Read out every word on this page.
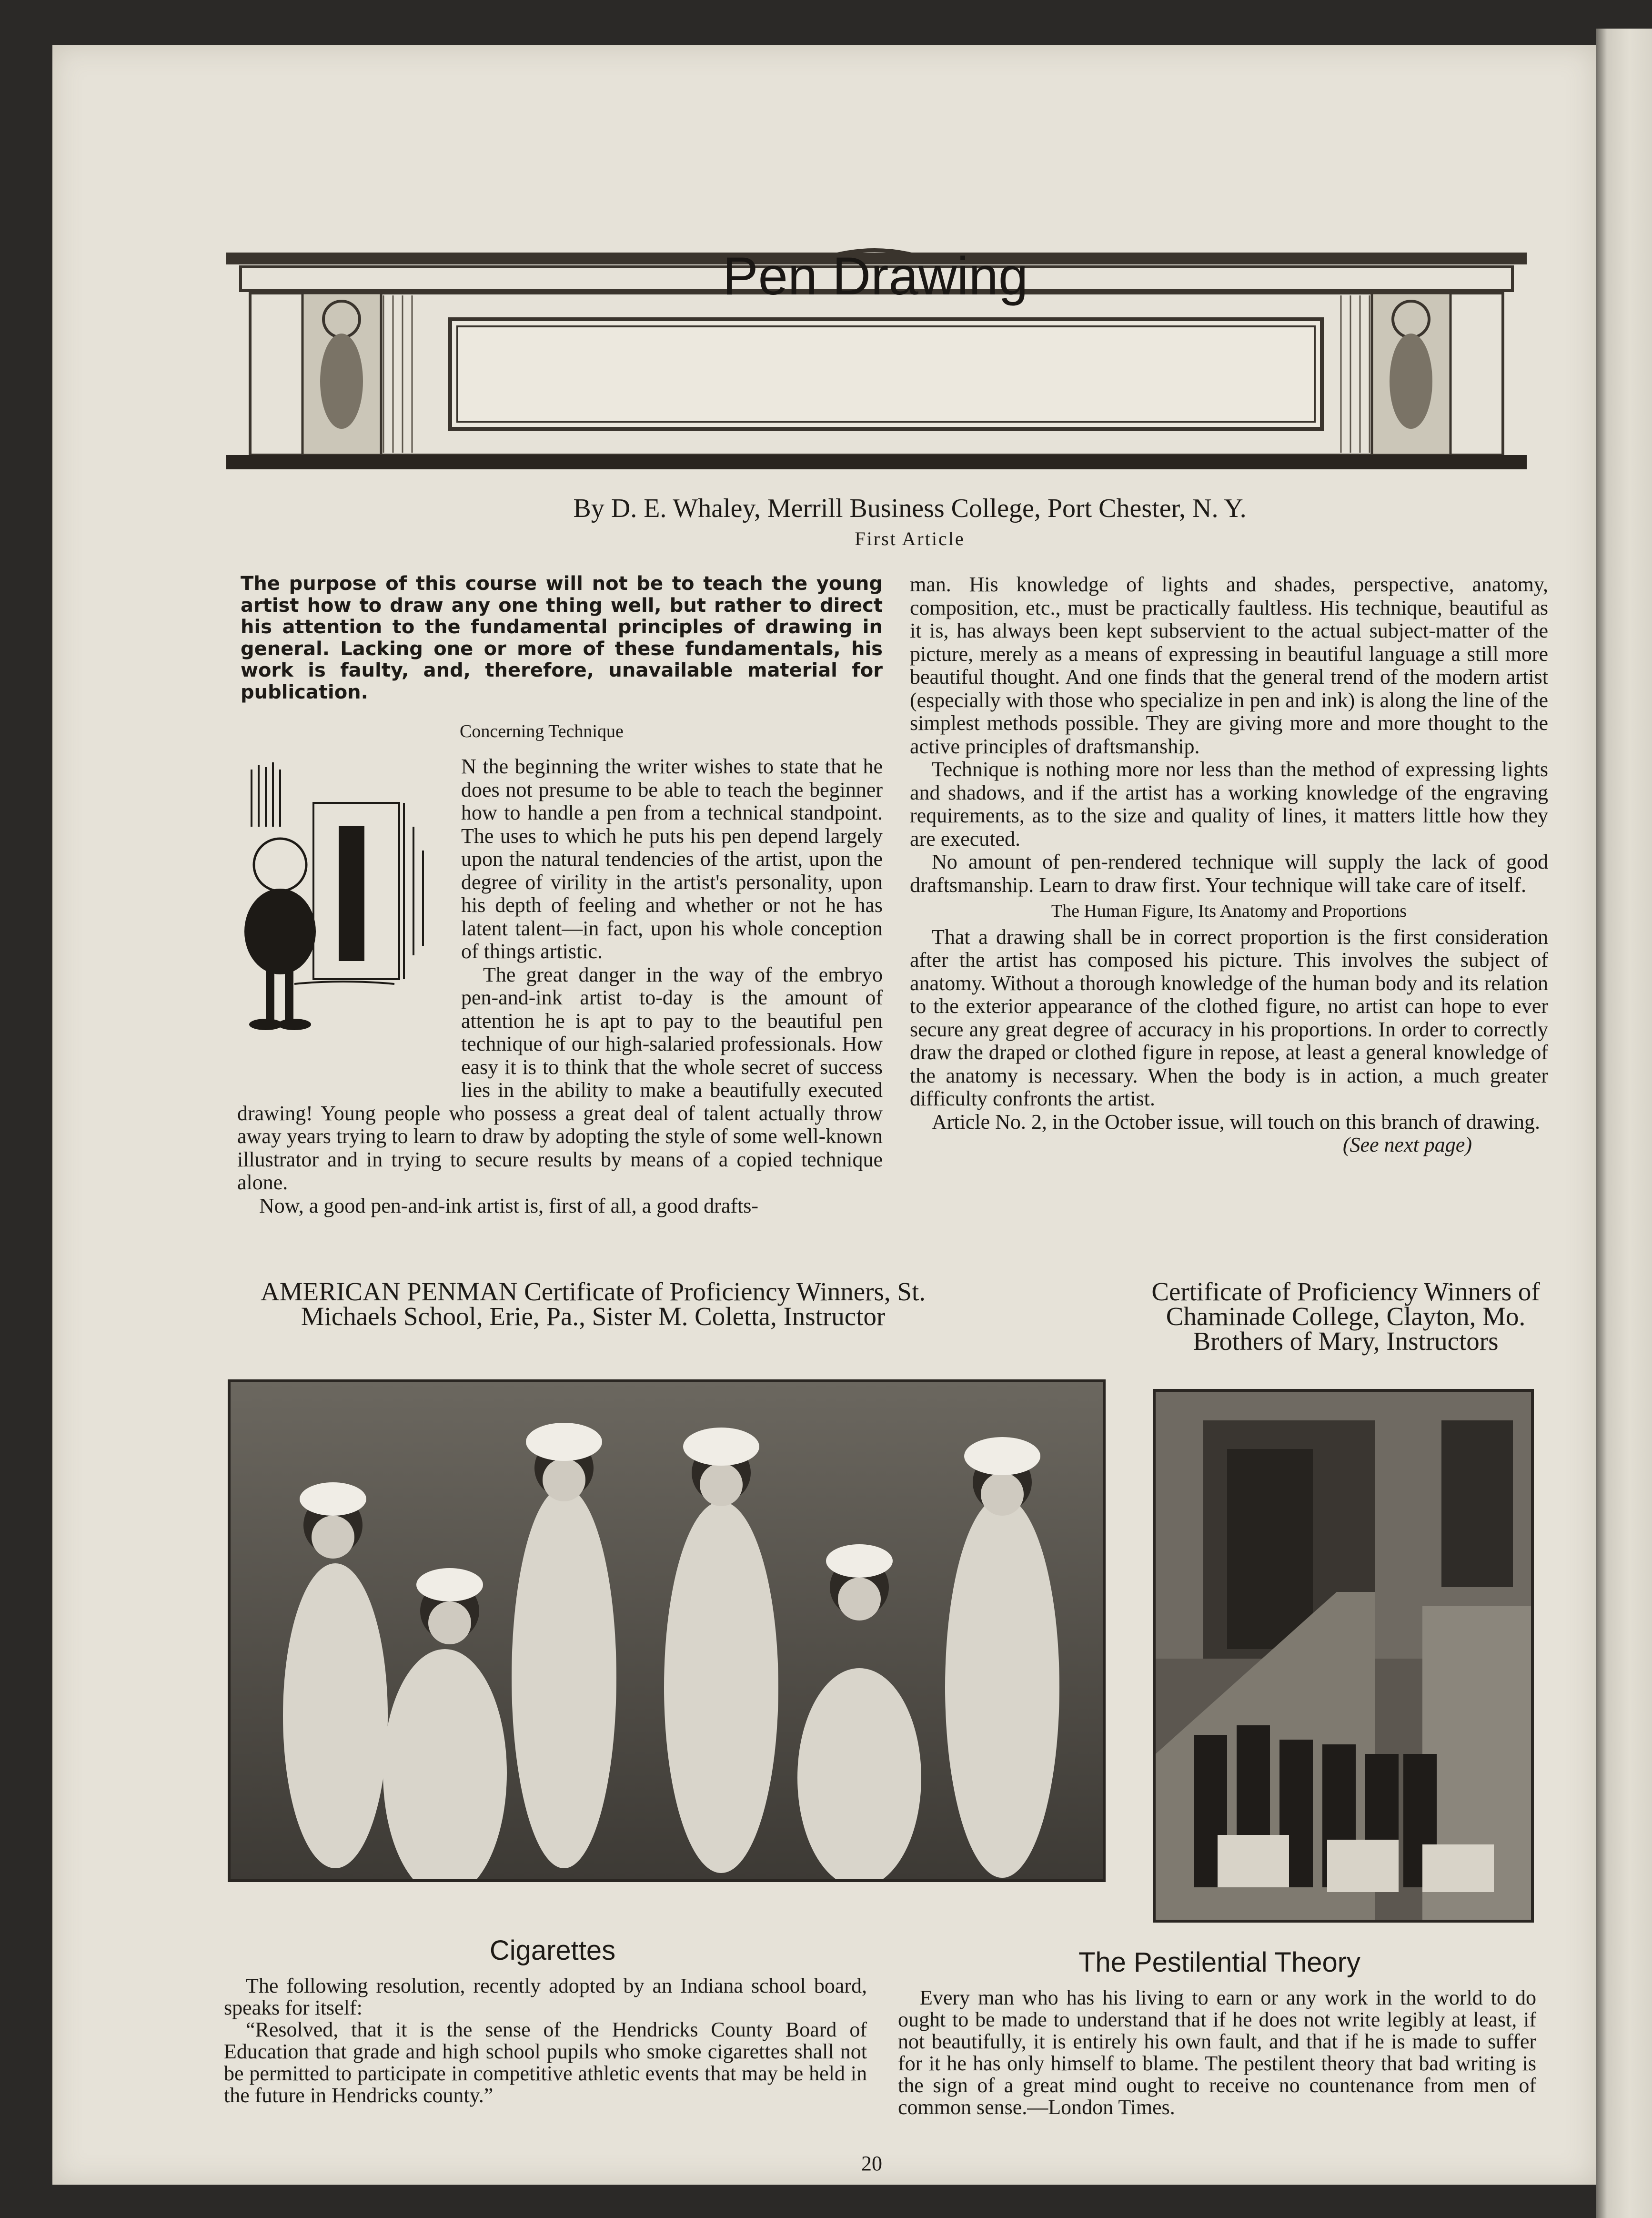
Pen Drawing
By D. E. Whaley, Merrill Business College, Port Chester, N. Y.
First Article
The purpose of this course will not be to teach the young artist how to draw any one thing well, but rather to direct his attention to the fundamental principles of drawing in general. Lacking one or more of these fundamentals, his work is faulty, and, therefore, unavailable material for publication.
Concerning Technique

N the beginning the writer wishes to state that he does not presume to be able to teach the beginner how to handle a pen from a technical standpoint. The uses to which he puts his pen depend largely upon the natural tendencies of the artist, upon the degree of virility in the artist's personality, upon his depth of feeling and whether or not he has latent talent—in fact, upon his whole conception of things artistic.

The great danger in the way of the embryo pen-and-ink artist to-day is the amount of attention he is apt to pay to the beautiful pen technique of our high-salaried professionals. How easy it is to think that the whole secret of success lies in the ability to make a beautifully executed drawing! Young people who possess a great deal of talent actually throw away years trying to learn to draw by adopting the style of some well-known illustrator and in trying to secure results by means of a copied technique alone.

Now, a good pen-and-ink artist is, first of all, a good drafts-

man. His knowledge of lights and shades, perspective, anatomy, composition, etc., must be practically faultless. His technique, beautiful as it is, has always been kept subservient to the actual subject-matter of the picture, merely as a means of expressing in beautiful language a still more beautiful thought. And one finds that the general trend of the modern artist (especially with those who specialize in pen and ink) is along the line of the simplest methods possible. They are giving more and more thought to the active principles of draftsmanship.

Technique is nothing more nor less than the method of expressing lights and shadows, and if the artist has a working knowledge of the engraving requirements, as to the size and quality of lines, it matters little how they are executed.

No amount of pen-rendered technique will supply the lack of good draftsmanship. Learn to draw first. Your technique will take care of itself.

The Human Figure, Its Anatomy and Proportions

That a drawing shall be in correct proportion is the first consideration after the artist has composed his picture. This involves the subject of anatomy. Without a thorough knowledge of the human body and its relation to the exterior appearance of the clothed figure, no artist can hope to ever secure any great degree of accuracy in his proportions. In order to correctly draw the draped or clothed figure in repose, at least a general knowledge of the anatomy is necessary. When the body is in action, a much greater difficulty confronts the artist.

Article No. 2, in the October issue, will touch on this branch of drawing.

(See next page)

AMERICAN PENMAN Certificate of Proficiency Winners, St. Michaels School, Erie, Pa., Sister M. Coletta, Instructor
Certificate of Proficiency Winners of Chaminade College, Clayton, Mo. Brothers of Mary, Instructors
Cigarettes

The following resolution, recently adopted by an Indiana school board, speaks for itself:

“Resolved, that it is the sense of the Hendricks County Board of Education that grade and high school pupils who smoke cigarettes shall not be permitted to participate in competitive athletic events that may be held in the future in Hendricks county.”

The Pestilential Theory

Every man who has his living to earn or any work in the world to do ought to be made to understand that if he does not write legibly at least, if not beautifully, it is entirely his own fault, and that if he is made to suffer for it he has only himself to blame. The pestilent theory that bad writing is the sign of a great mind ought to receive no countenance from men of common sense.—London Times.

20
